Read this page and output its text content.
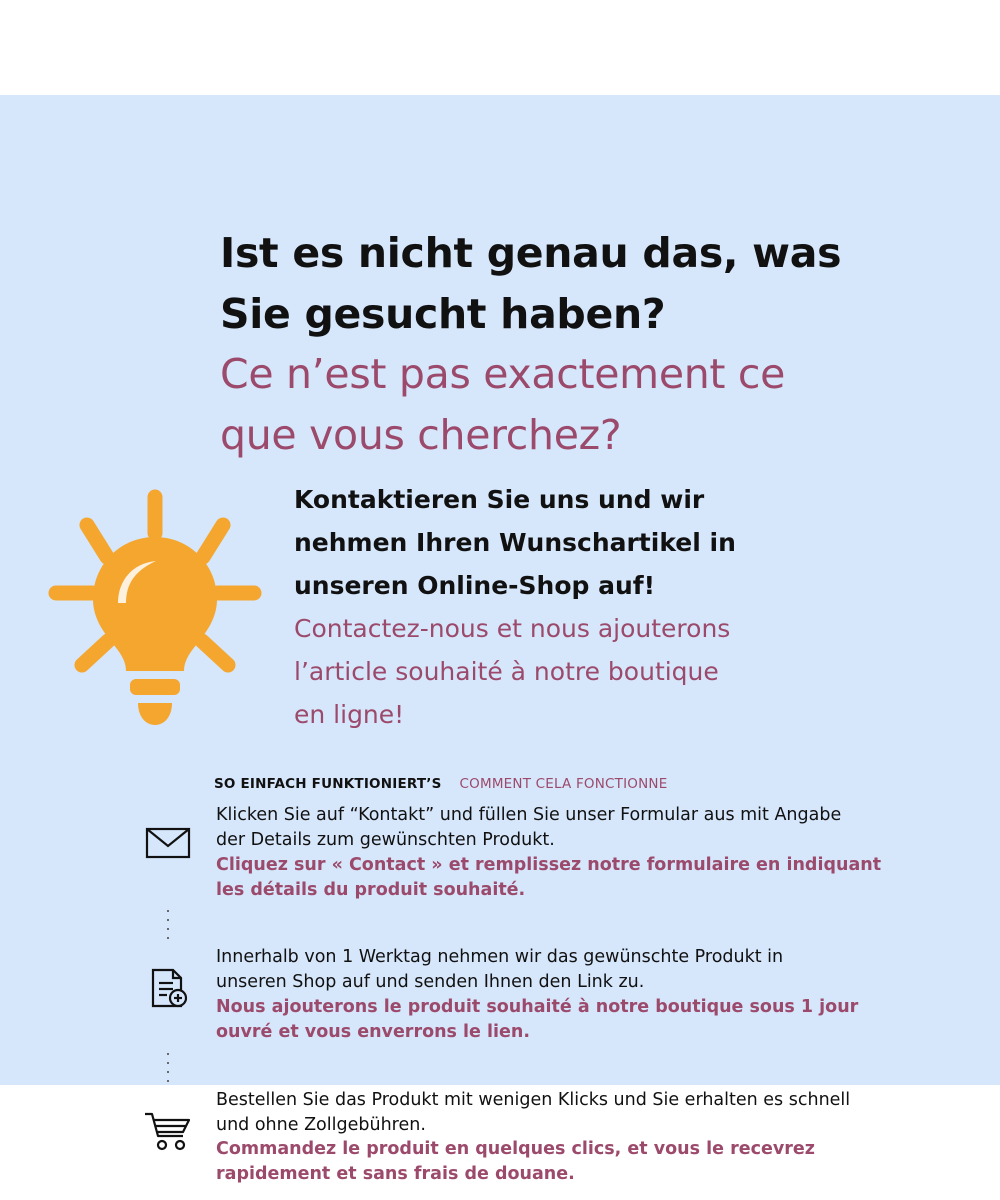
Ist es nicht genau das, was

Sie gesucht haben?

Ce n’est pas exactement ce

que vous cherchez?

Kontaktieren Sie uns und wir

nehmen Ihren Wunschartikel in

unseren Online-Shop auf!

Contactez-nous et nous ajouterons

l’article souhaité à notre boutique

en ligne!

SO EINFACH FUNKTIONIERT’S COMMENT CELA FONCTIONNE

Klicken Sie auf “Kontakt” und füllen Sie unser Formular aus mit Angabe

der Details zum gewünschten Produkt.

Cliquez sur « Contact » et remplissez notre formulaire en indiquant

les détails du produit souhaité.

Innerhalb von 1 Werktag nehmen wir das gewünschte Produkt in

unseren Shop auf und senden Ihnen den Link zu.

Nous ajouterons le produit souhaité à notre boutique sous 1 jour

ouvré et vous enverrons le lien.

Bestellen Sie das Produkt mit wenigen Klicks und Sie erhalten es schnell

und ohne Zollgebühren.

Commandez le produit en quelques clics, et vous le recevrez

rapidement et sans frais de douane.
